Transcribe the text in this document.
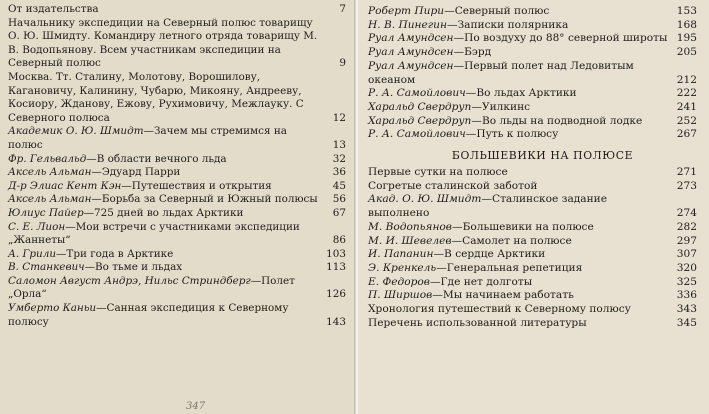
От издательства	7
Начальнику экспедиции на Северный полюс товарищу О. Ю. Шмидту. Командиру летного отряда товарищу М. В. Водопьянову. Всем участникам экспедиции на Северный полюс	9
Москва. Тт. Сталину, Молотову, Ворошилову, Кагановичу, Калинину, Чубарю, Микояну, Андрееву, Косиору, Жданову, Ежову, Рухимовичу, Межлауку. С Северного полюса	12
Академик О. Ю. Шмидт—Зачем мы стремимся на полюс	13
Фр. Гельвальд—В области вечного льда	32
Аксель Альман—Эдуард Парри	36
Д-р Элиас Кент Кэн—Путешествия и открытия	45
Аксель Альман—Борьба за Северный и Южный полюсы	56
Юлиус Пайер—725 дней во льдах Арктики	67
С. Е. Лион—Мои встречи с участниками экспедиции „Жаннеты“	86
А. Грили—Три года в Арктике	103
В. Станкевич—Во тьме и льдах	113
Саломон Август Андрэ, Нильс Стриндберг—Полет „Орла“	126
Умберто Каньи—Санная экспедиция к Северному полюсу	143
347
Роберт Пири—Северный полюс	153
Н. В. Пинегин—Записки полярника	168
Руал Амундсен—По воздуху до 88° северной широты 195
Руал Амундсен—Бэрд	205
Руал Амундсен—Первый полет над Ледовитым океаном	212
Р. А. Самойлович—Во льдах Арктики	222
Харальд Свердруп—Уилкинс	241
Харальд Свердруп—Во льды на подводной лодке	252
Р. А. Самойлович—Путь к полюсу	267
БОЛЬШЕВИКИ НА ПОЛЮСЕ
Первые сутки на полюсе	271
Согретые сталинской заботой	273
Акад. О. Ю. Шмидт—Сталинское задание выполнено	274
М. Водопьянов—Большевики на полюсе	282
М. И. Шевелев—Самолет на полюсе	297
И. Папанин—В сердце Арктики	307
Э. Кренкель—Генеральная репетиция	320
Е. Федоров—Где нет долготы	325
П. Ширшов—Мы начинаем работать	336
Хронология путешествий к Северному полюсу	343
Перечень использованной литературы	345
